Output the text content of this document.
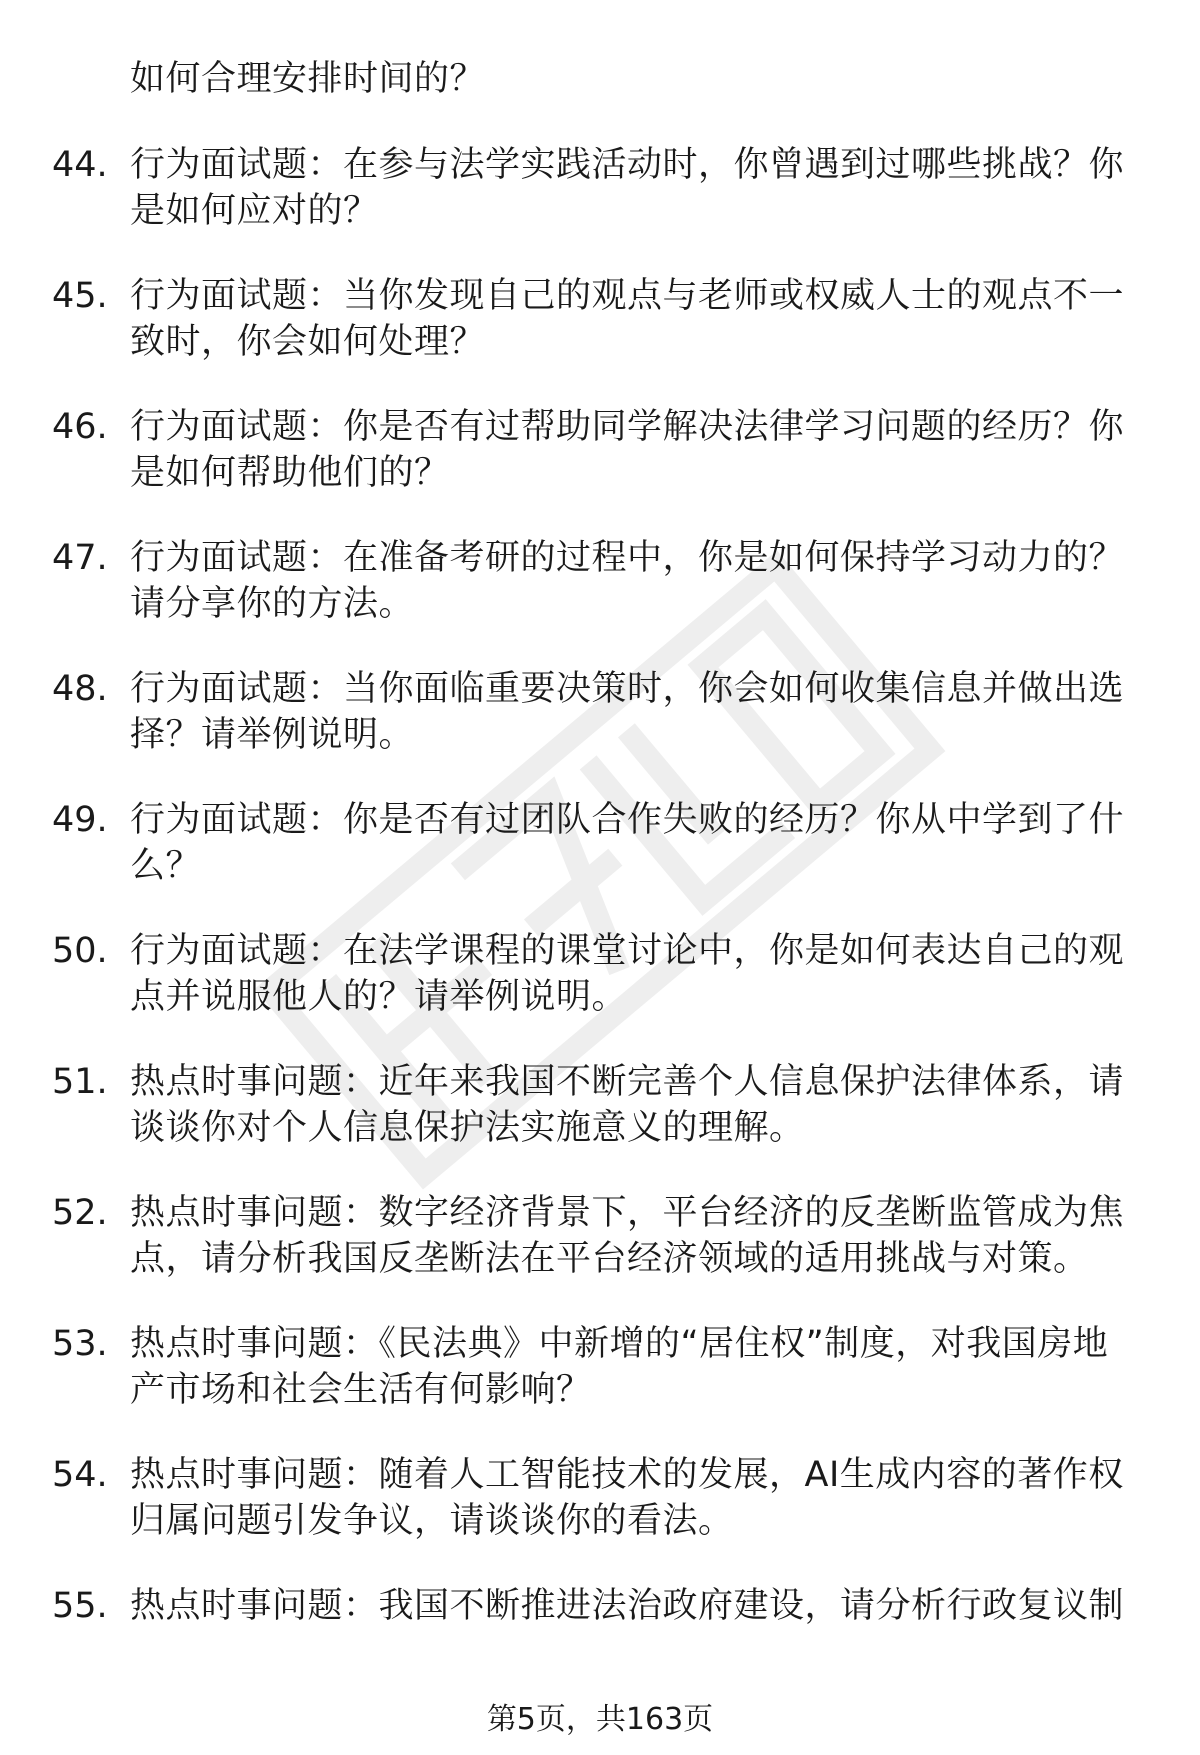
如何合理安排时间的？
44. 行为面试题：在参与法学实践活动时，你曾遇到过哪些挑战？你是如何应对的？
45. 行为面试题：当你发现自己的观点与老师或权威人士的观点不一致时，你会如何处理？
46. 行为面试题：你是否有过帮助同学解决法律学习问题的经历？你是如何帮助他们的？
47. 行为面试题：在准备考研的过程中，你是如何保持学习动力的？请分享你的方法。
48. 行为面试题：当你面临重要决策时，你会如何收集信息并做出选择？请举例说明。
49. 行为面试题：你是否有过团队合作失败的经历？你从中学到了什么？
50. 行为面试题：在法学课程的课堂讨论中，你是如何表达自己的观点并说服他人的？请举例说明。
51. 热点时事问题：近年来我国不断完善个人信息保护法律体系，请谈谈你对个人信息保护法实施意义的理解。
52. 热点时事问题：数字经济背景下，平台经济的反垄断监管成为焦点，请分析我国反垄断法在平台经济领域的适用挑战与对策。
53. 热点时事问题：《民法典》中新增的“居住权”制度，对我国房地产市场和社会生活有何影响？
54. 热点时事问题：随着人工智能技术的发展，AI生成内容的著作权归属问题引发争议，请谈谈你的看法。
55. 热点时事问题：我国不断推进法治政府建设，请分析行政复议制
第5页，共163页
